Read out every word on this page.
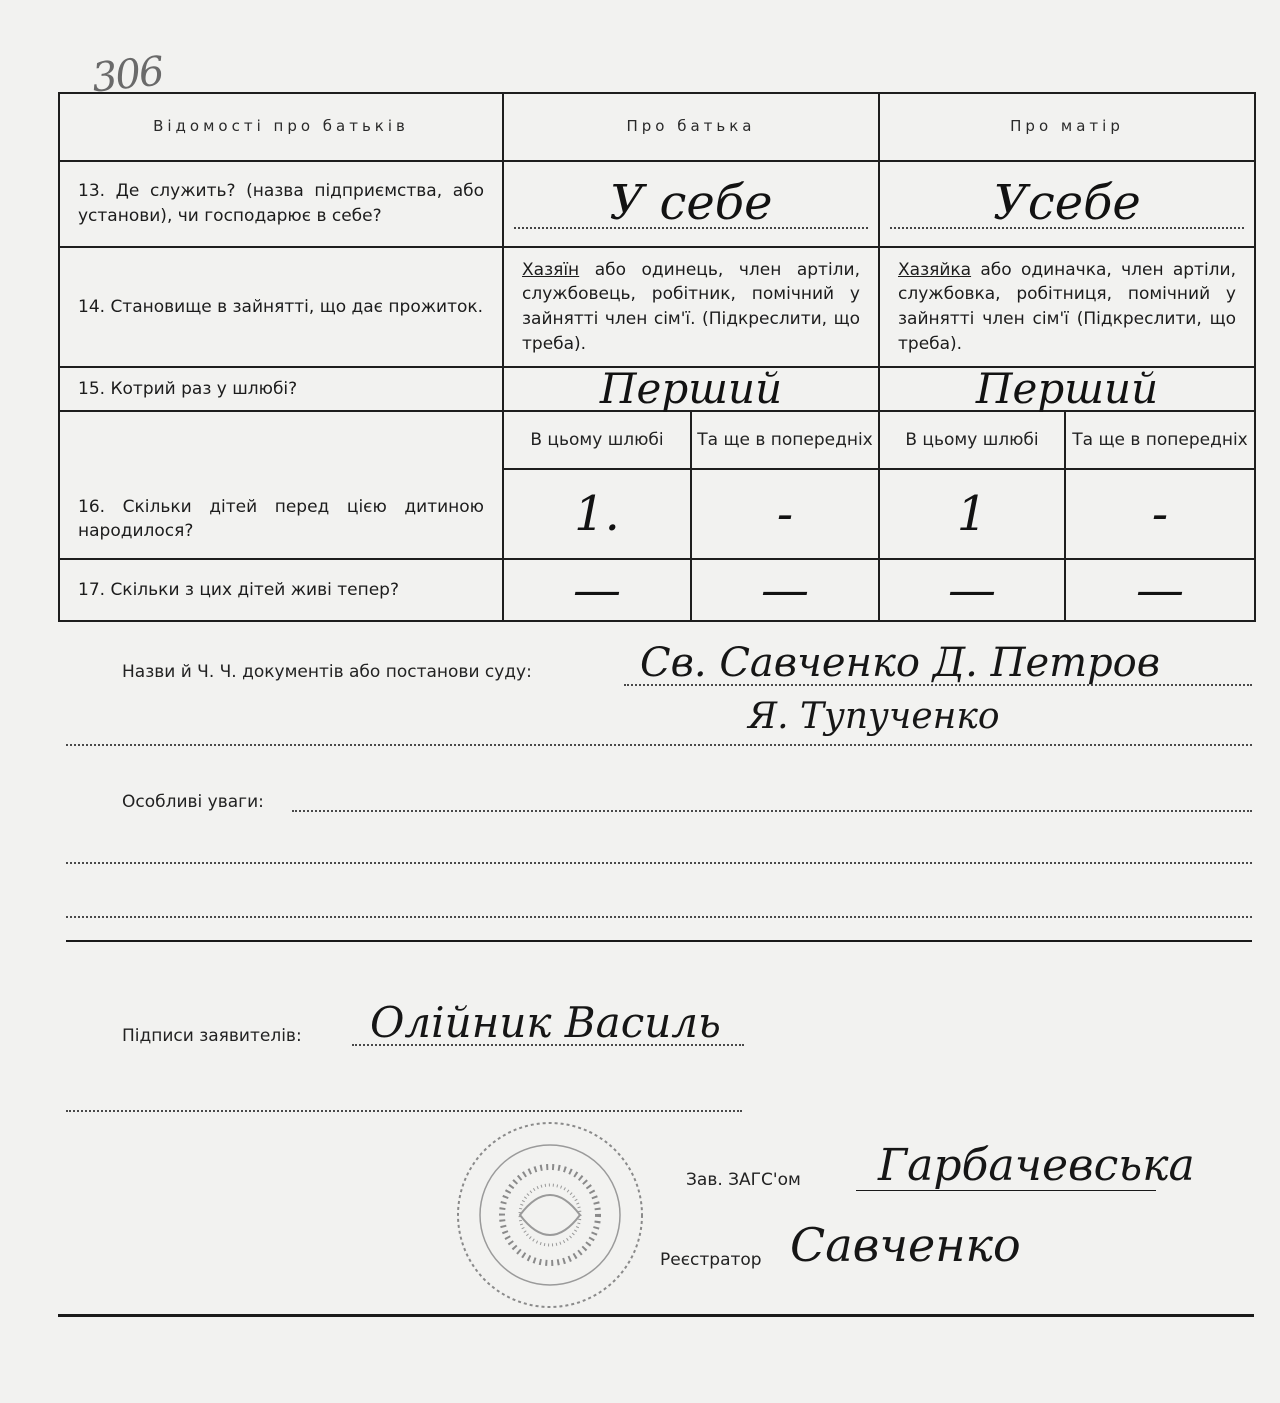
306
Відомості про батьків	Про батька		Про матір	

13. Де служить? (назва підприємства, або установи), чи господарює в себе?	У себе		Усебе	

14. Становище в зайнятті, що дає прожиток.	Хазяїн або одинець, член артіли, службовець, робітник, помічний у зайнятті член сім'ї. (Підкреслити, що треба).		Хазяйка або одиначка, член артіли, службовка, робітниця, помічний у зайнятті член сім'ї (Підкреслити, що треба).	

15. Котрий раз у шлюбі?	Перший		Перший	

16. Скільки дітей перед цією дитиною народилося?	В цьому шлюбі	Та ще в попередніх	В цьому шлюбі	Та ще в попередніх

	1.	-	1	-

17. Скільки з цих дітей живі тепер?	—	—	—	—
Назви й Ч. Ч. документів або постанови суду:	Св. Савченко Д. Петров
Я. Тупученко
Особливі уваги:
Підписи заявителів: Олійник Василь
Зав. ЗАГС'ом Гарбачевська
Реєстратор Савченко
